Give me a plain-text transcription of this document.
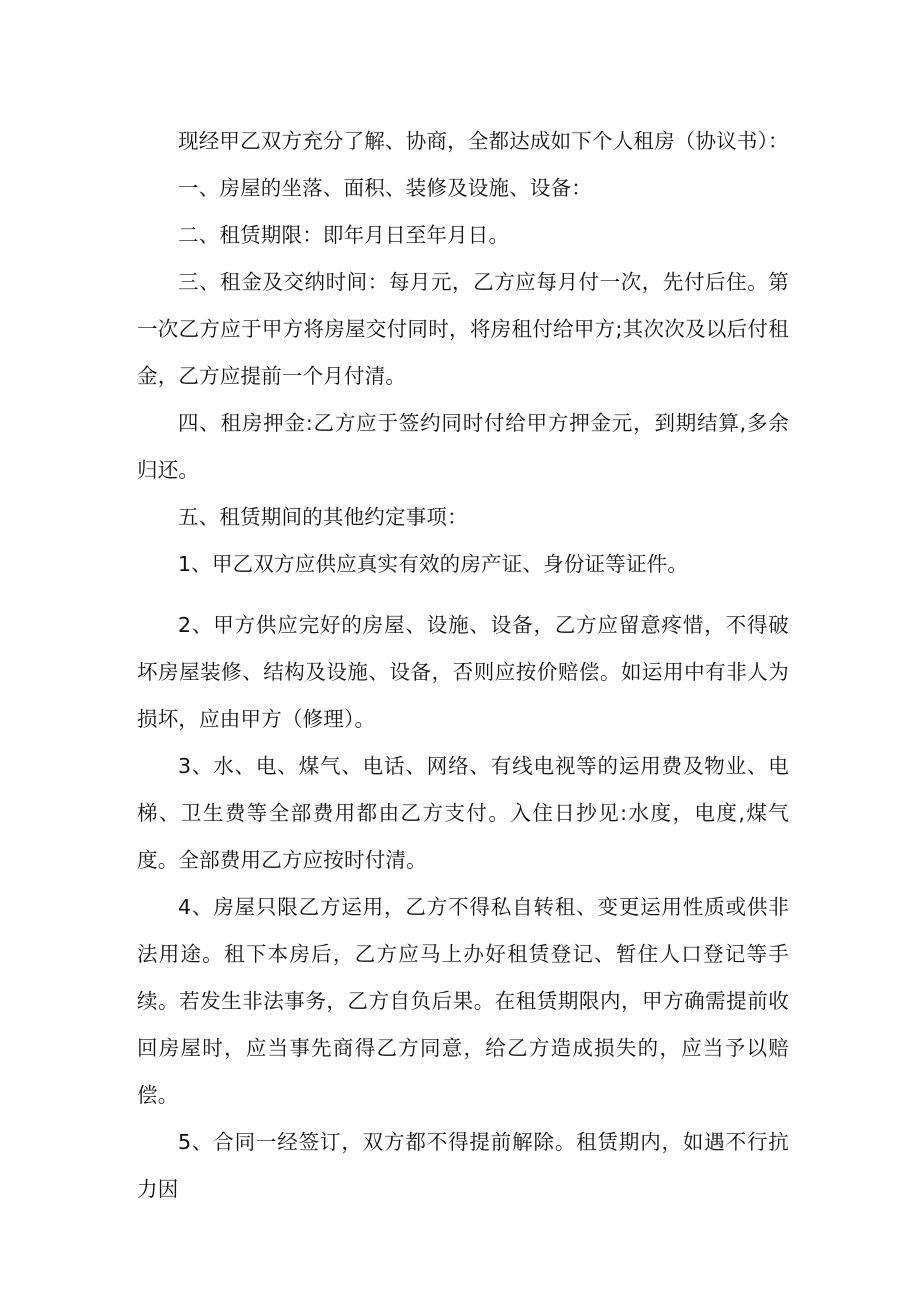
现经甲乙双方充分了解、协商，全都达成如下个人租房（协议书）：

一、房屋的坐落、面积、装修及设施、设备：

二、租赁期限：即年月日至年月日。

三、租金及交纳时间：每月元，乙方应每月付一次，先付后住。第一次乙方应于甲方将房屋交付同时，将房租付给甲方;其次次及以后付租金，乙方应提前一个月付清。

四、租房押金:乙方应于签约同时付给甲方押金元，到期结算,多余归还。

五、租赁期间的其他约定事项：

1、甲乙双方应供应真实有效的房产证、身份证等证件。

2、甲方供应完好的房屋、设施、设备，乙方应留意疼惜，不得破坏房屋装修、结构及设施、设备，否则应按价赔偿。如运用中有非人为损坏，应由甲方（修理）。

3、水、电、煤气、电话、网络、有线电视等的运用费及物业、电梯、卫生费等全部费用都由乙方支付。入住日抄见:水度，电度,煤气度。全部费用乙方应按时付清。

4、房屋只限乙方运用，乙方不得私自转租、变更运用性质或供非法用途。租下本房后，乙方应马上办好租赁登记、暂住人口登记等手续。若发生非法事务，乙方自负后果。在租赁期限内，甲方确需提前收回房屋时，应当事先商得乙方同意，给乙方造成损失的，应当予以赔偿。

5、合同一经签订，双方都不得提前解除。租赁期内，如遇不行抗力因
